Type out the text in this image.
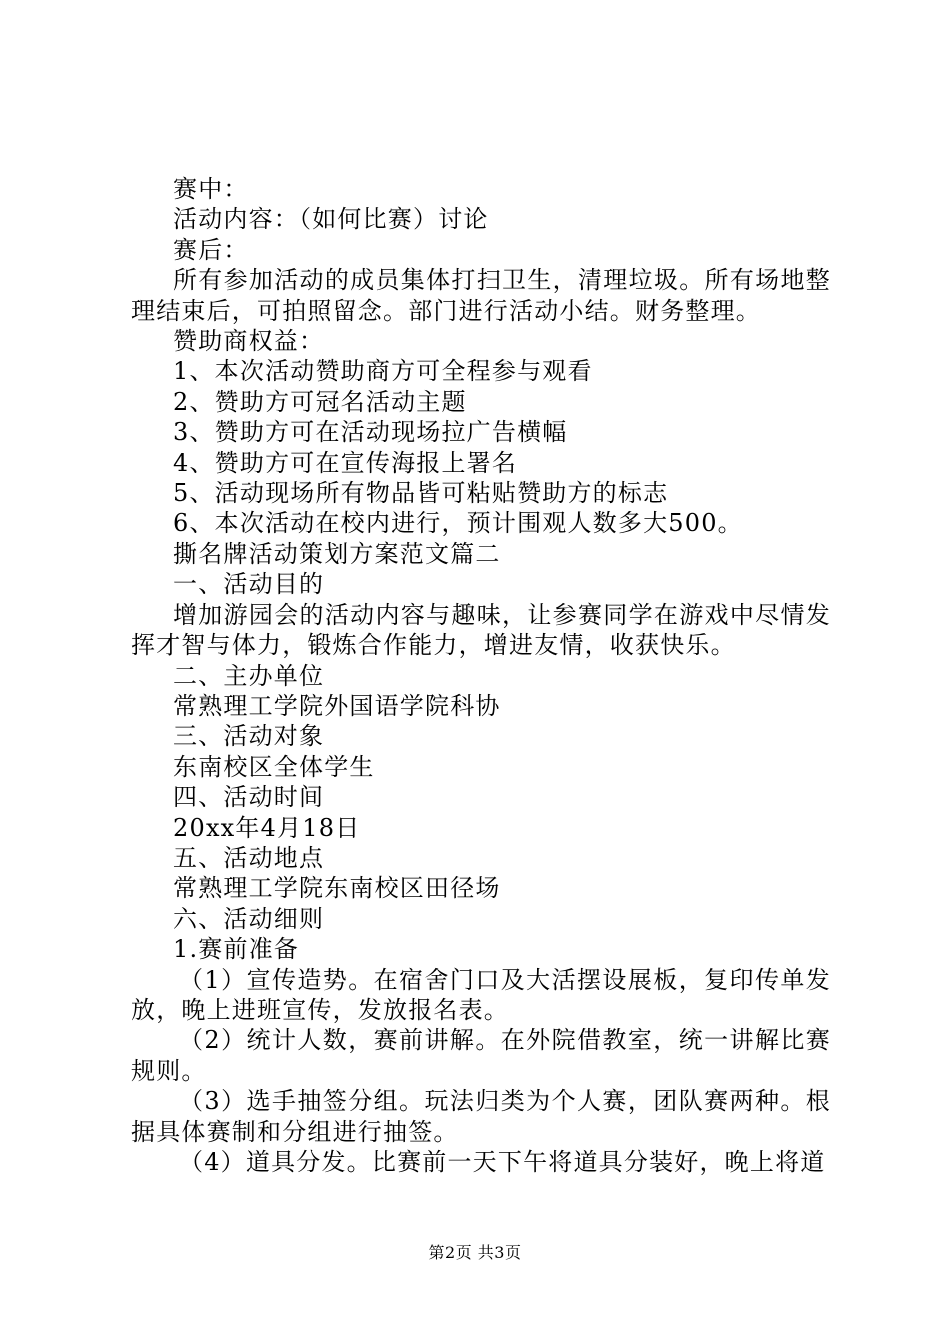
赛中：

活动内容：（如何比赛）讨论

赛后：

所有参加活动的成员集体打扫卫生，清理垃圾。所有场地整理结束后，可拍照留念。部门进行活动小结。财务整理。

赞助商权益：

1、本次活动赞助商方可全程参与观看

2、赞助方可冠名活动主题

3、赞助方可在活动现场拉广告横幅

4、赞助方可在宣传海报上署名

5、活动现场所有物品皆可粘贴赞助方的标志

6、本次活动在校内进行，预计围观人数多大500。

撕名牌活动策划方案范文篇二

一、活动目的

增加游园会的活动内容与趣味，让参赛同学在游戏中尽情发挥才智与体力，锻炼合作能力，增进友情，收获快乐。

二、主办单位

常熟理工学院外国语学院科协

三、活动对象

东南校区全体学生

四、活动时间

20xx年4月18日

五、活动地点

常熟理工学院东南校区田径场

六、活动细则

1.赛前准备

（1）宣传造势。在宿舍门口及大活摆设展板，复印传单发放，晚上进班宣传，发放报名表。

（2）统计人数，赛前讲解。在外院借教室，统一讲解比赛规则。

（3）选手抽签分组。玩法归类为个人赛，团队赛两种。根据具体赛制和分组进行抽签。

（4）道具分发。比赛前一天下午将道具分装好，晚上将道

第2页 共3页
